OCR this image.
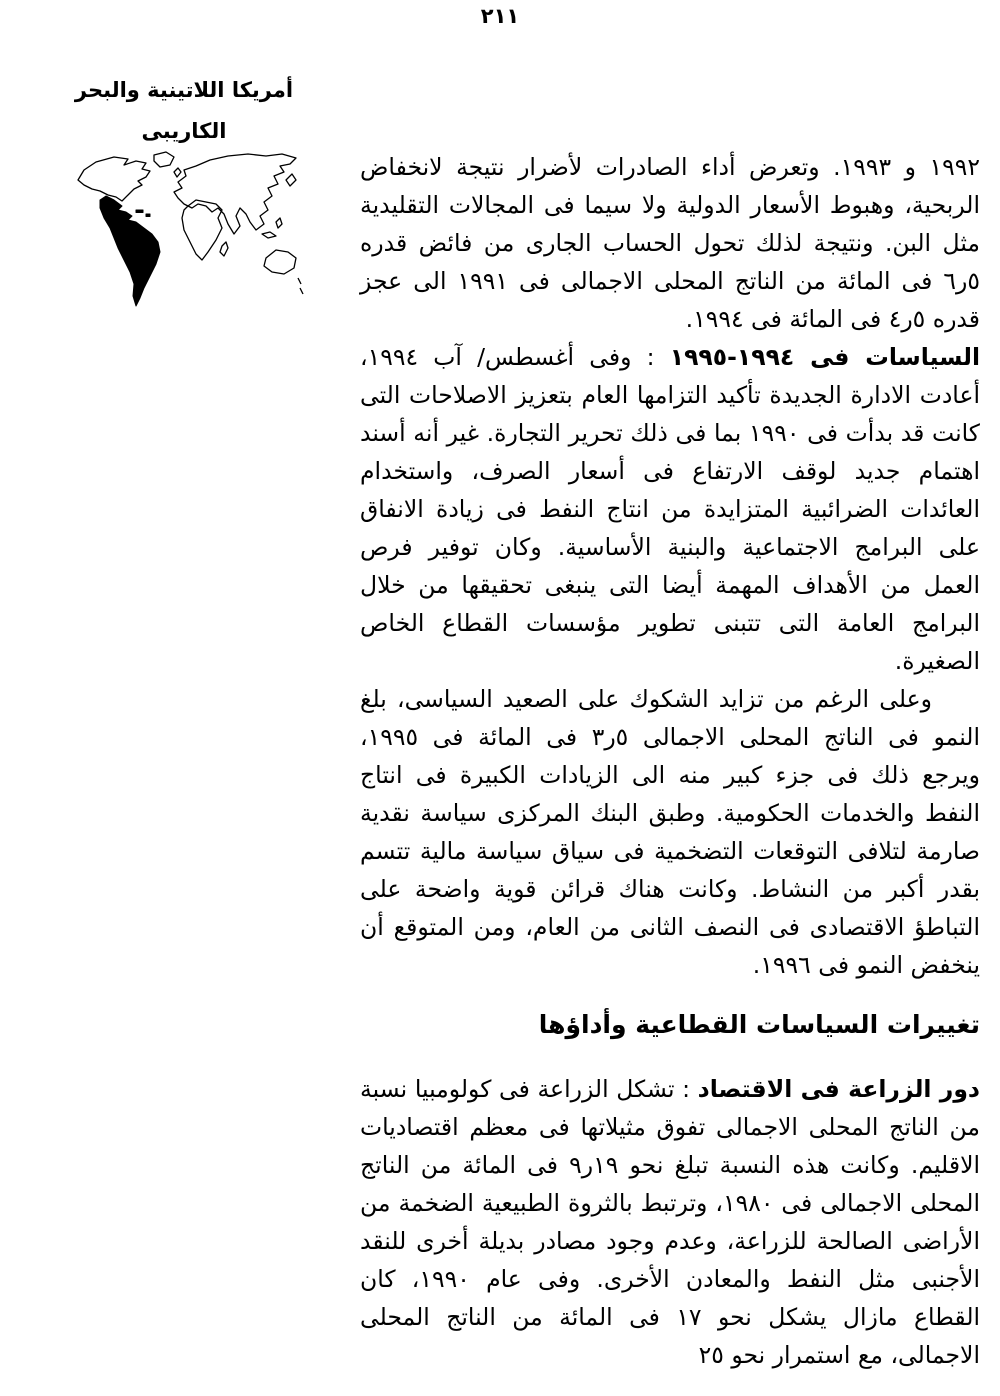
٢١١
أمريكا اللاتينية والبحر
الكاريبى

١٩٩٢ و ١٩٩٣. وتعرض أداء الصادرات لأضرار نتيجة لانخفاض الربحية، وهبوط الأسعار الدولية ولا سيما فى المجالات التقليدية مثل البن. ونتيجة لذلك تحول الحساب الجارى من فائض قدره ٥ر٦ فى المائة من الناتج المحلى الاجمالى فى ١٩٩١ الى عجز قدره ٥ر٤ فى المائة فى ١٩٩٤.

السياسات فى ١٩٩٤-١٩٩٥ : وفى أغسطس/ آب ١٩٩٤، أعادت الادارة الجديدة تأكيد التزامها العام بتعزيز الاصلاحات التى كانت قد بدأت فى ١٩٩٠ بما فى ذلك تحرير التجارة. غير أنه أسند اهتمام جديد لوقف الارتفاع فى أسعار الصرف، واستخدام العائدات الضرائبية المتزايدة من انتاج النفط فى زيادة الانفاق على البرامج الاجتماعية والبنية الأساسية. وكان توفير فرص العمل من الأهداف المهمة أيضا التى ينبغى تحقيقها من خلال البرامج العامة التى تتبنى تطوير مؤسسات القطاع الخاص الصغيرة.

وعلى الرغم من تزايد الشكوك على الصعيد السياسى، بلغ النمو فى الناتج المحلى الاجمالى ٥ر٣ فى المائة فى ١٩٩٥، ويرجع ذلك فى جزء كبير منه الى الزيادات الكبيرة فى انتاج النفط والخدمات الحكومية. وطبق البنك المركزى سياسة نقدية صارمة لتلافى التوقعات التضخمية فى سياق سياسة مالية تتسم بقدر أكبر من النشاط. وكانت هناك قرائن قوية واضحة على التباطؤ الاقتصادى فى النصف الثانى من العام، ومن المتوقع أن ينخفض النمو فى ١٩٩٦.

تغييرات السياسات القطاعية وأداؤها

دور الزراعة فى الاقتصاد : تشكل الزراعة فى كولومبيا نسبة من الناتج المحلى الاجمالى تفوق مثيلاتها فى معظم اقتصاديات الاقليم. وكانت هذه النسبة تبلغ نحو ١٩ر٩ فى المائة من الناتج المحلى الاجمالى فى ١٩٨٠، وترتبط بالثروة الطبيعية الضخمة من الأراضى الصالحة للزراعة، وعدم وجود مصادر بديلة أخرى للنقد الأجنبى مثل النفط والمعادن الأخرى. وفى عام ١٩٩٠، كان القطاع مازال يشكل نحو ١٧ فى المائة من الناتج المحلى الاجمالى، مع استمرار نحو ٢٥
